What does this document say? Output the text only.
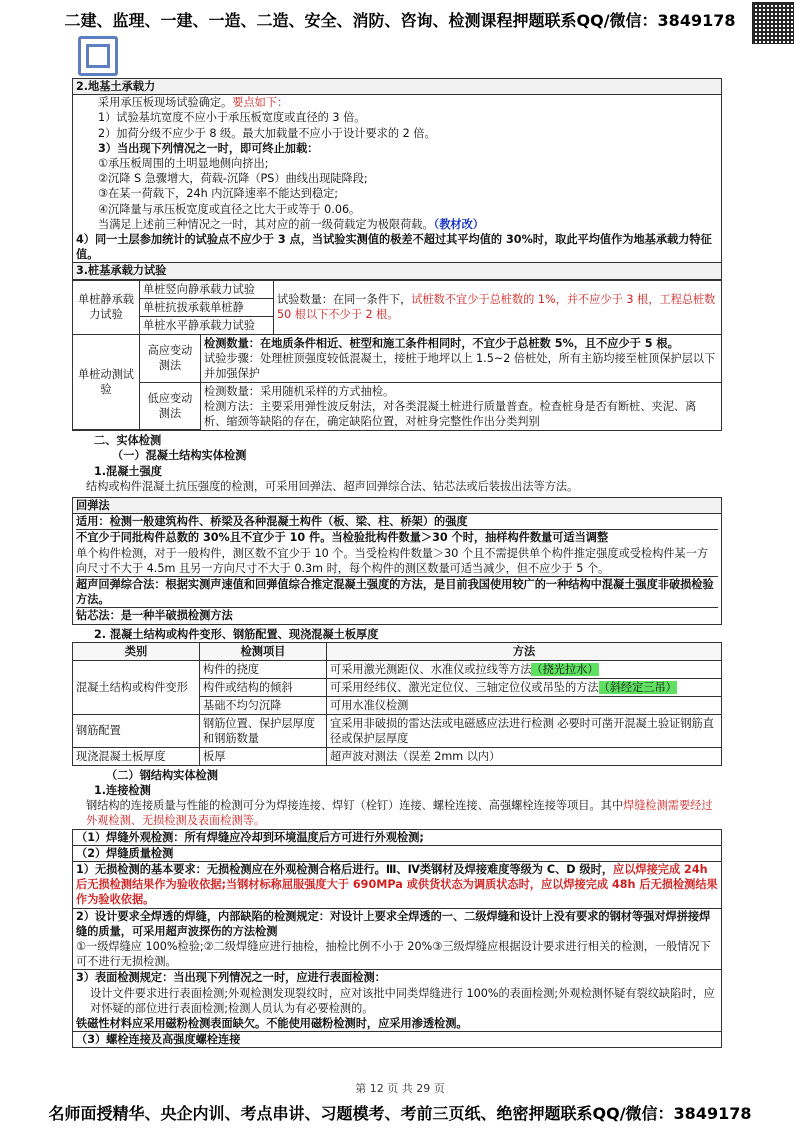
二建、监理、一建、一造、二造、安全、消防、咨询、检测课程押题联系QQ/微信：3849178
2.地基土承载力

采用承压板现场试验确定。要点如下：

1）试验基坑宽度不应小于承压板宽度或直径的 3 倍。

2）加荷分级不应少于 8 级。最大加载量不应小于设计要求的 2 倍。

3）当出现下列情况之一时，即可终止加载：

①承压板周围的土明显地侧向挤出;

②沉降 S 急骤增大，荷载-沉降（PS）曲线出现陡降段;

③在某一荷载下，24h 内沉降速率不能达到稳定;

④沉降量与承压板宽度或直径之比大于或等于 0.06。

当满足上述前三种情况之一时，其对应的前一级荷载定为极限荷载。（教材改）

4）同一土层参加统计的试验点不应少于 3 点，当试验实测值的极差不超过其平均值的 30%时，取此平均值作为地基承载力特征值。

3.桩基承载力试验
单桩静承载力试验	单桩竖向静承载力试验		试验数量：在同一条件下，试桩数不宜少于总桩数的 1%，并不应少于 3 根，工程总桩数 50 根以下不少于 2 根。
	单桩抗拔承载单桩静		
	单桩水平静承载力试验		
单桩动测试验	高应变动测法	检测数量：在地质条件相近、桩型和施工条件相同时，不宜少于总桩数 5%，且不应少于 5 根。
试验步骤：处理桩顶强度较低混凝土，接桩于地坪以上 1.5~2 倍桩处，所有主筋均接至桩顶保护层以下并加强保护	

	低应变动测法	检测数量：采用随机采样的方式抽检。
检测方法：主要采用弹性波反射法，对各类混凝土桩进行质量普查。检查桩身是否有断桩、夹泥、离析、缩颈等缺陷的存在，确定缺陷位置，对桩身完整性作出分类判别	

二、实体检测

（一）混凝土结构实体检测

1.混凝土强度

结构或构件混凝土抗压强度的检测，可采用回弹法、超声回弹综合法、钻芯法或后装拔出法等方法。

回弹法

适用：检测一般建筑构件、桥梁及各种混凝土构件（板、梁、柱、桥架）的强度

不宜少于同批构件总数的 30%且不宜少于 10 件。当检验批构件数量＞30 个时，抽样构件数量可适当调整

单个构件检测，对于一般构件，测区数不宜少于 10 个。当受检构件数量＞30 个且不需提供单个构件推定强度或受检构件某一方向尺寸不大于 4.5m 且另一方向尺寸不大于 0.3m 时，每个构件的测区数量可适当减少，但不应少于 5 个。

超声回弹综合法：根据实测声速值和回弹值综合推定混凝土强度的方法，是目前我国使用较广的一种结构中混凝土强度非破损检验方法。

钻芯法：是一种半破损检测方法

2. 混凝土结构或构件变形、钢筋配置、现浇混凝土板厚度

类别	检测项目	方法
混凝土结构或构件变形	构件的挠度	可采用激光测距仪、水准仪或拉线等方法（挠光拉水）
	构件或结构的倾斜	可采用经纬仪、激光定位仪、三轴定位仪或吊坠的方法（斜经定三吊）
	基础不均匀沉降	可用水准仪检测
钢筋配置	钢筋位置、保护层厚度和钢筋数量	宜采用非破损的雷达法或电磁感应法进行检测 必要时可凿开混凝土验证钢筋直径或保护层厚度
现浇混凝土板厚度	板厚	超声波对测法（误差 2mm 以内）

（二）钢结构实体检测

1.连接检测

钢结构的连接质量与性能的检测可分为焊接连接、焊钉（栓钉）连接、螺栓连接、高强螺栓连接等项目。其中焊缝检测需要经过外观检测、无损检测及表面检测等。

（1）焊缝外观检测：所有焊缝应冷却到环境温度后方可进行外观检测;

（2）焊缝质量检测

1）无损检测的基本要求：无损检测应在外观检测合格后进行。Ⅲ、Ⅳ类钢材及焊接难度等级为 C、D 级时，应以焊接完成 24h 后无损检测结果作为验收依据;当钢材标称屈服强度大于 690MPa 或供货状态为调质状态时，应以焊接完成 48h 后无损检测结果作为验收依据。
2）设计要求全焊透的焊缝，内部缺陷的检测规定：对设计上要求全焊透的一、二级焊缝和设计上没有要求的钢材等强对焊拼接焊缝的质量，可采用超声波探伤的方法检测
①一级焊缝应 100%检验;②二级焊缝应进行抽检，抽检比例不小于 20%③三级焊缝应根据设计要求进行相关的检测，一般情况下可不进行无损检测。
3）表面检测规定：当出现下列情况之一时，应进行表面检测：
设计文件要求进行表面检测;外观检测发现裂纹时，应对该批中同类焊缝进行 100%的表面检测;外观检测怀疑有裂纹缺陷时，应对怀疑的部位进行表面检测;检测人员认为有必要检测的。
铁磁性材料应采用磁粉检测表面缺欠。不能使用磁粉检测时，应采用渗透检测。

（3）螺栓连接及高强度螺栓连接

第 12 页 共 29 页
名师面授精华、央企内训、考点串讲、习题模考、考前三页纸、绝密押题联系QQ/微信：3849178
